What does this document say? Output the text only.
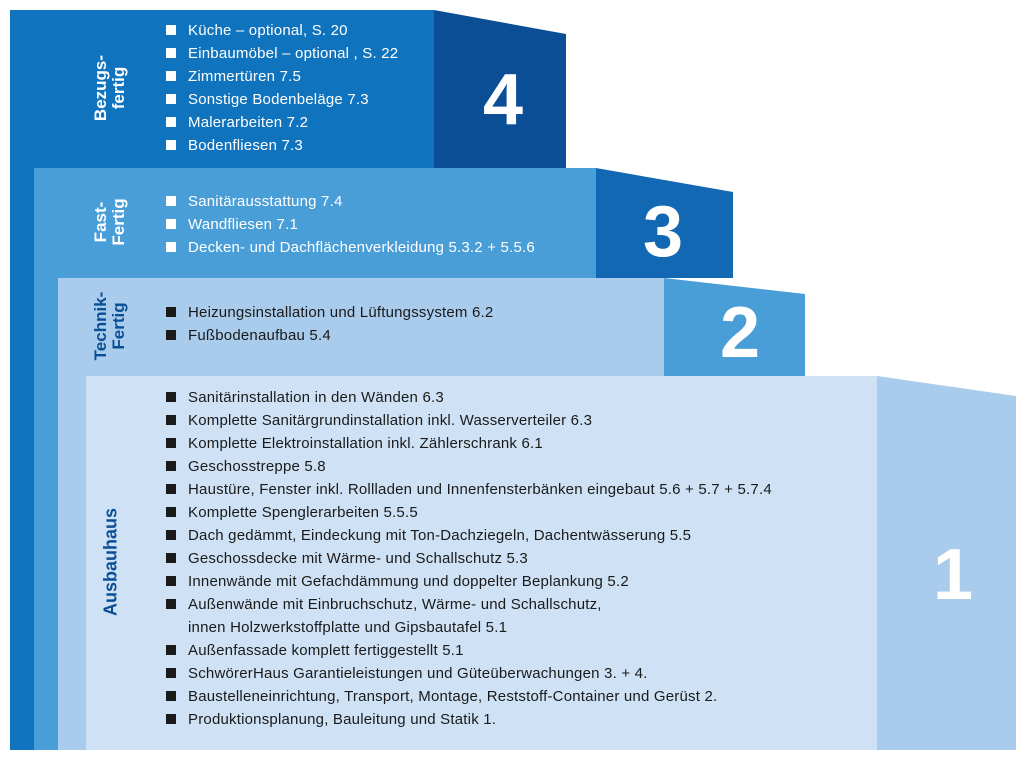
Bezugs-
fertig
Küche – optional, S. 20
Einbaumöbel – optional , S. 22
Zimmertüren 7.5
Sonstige Bodenbeläge 7.3
Malerarbeiten 7.2
Bodenfliesen 7.3
4
Fast-
Fertig	Sanitärausstattung 7.4
Wandfliesen 7.1
Decken- und Dachflächenverkleidung 5.3.2 + 5.5.6 3
Technik-
Fertig	Heizungsinstallation und Lüftungssystem 6.2
Fußbodenaufbau 5.4	2
Ausbauhaus
Sanitärinstallation in den Wänden 6.3
Komplette Sanitärgrundinstallation inkl. Wasserverteiler 6.3
Komplette Elektroinstallation inkl. Zählerschrank 6.1
Geschosstreppe 5.8
Haustüre, Fenster inkl. Rollladen und Innenfensterbänken eingebaut 5.6 + 5.7 + 5.7.4
Komplette Spenglerarbeiten 5.5.5
Dach gedämmt, Eindeckung mit Ton-Dachziegeln, Dachentwässerung 5.5
Geschossdecke mit Wärme- und Schallschutz 5.3
Innenwände mit Gefachdämmung und doppelter Beplankung 5.2
Außenwände mit Einbruchschutz, Wärme- und Schallschutz,
innen Holzwerkstoffplatte und Gipsbautafel 5.1
Außenfassade komplett fertiggestellt 5.1
SchwörerHaus Garantieleistungen und Güteüberwachungen 3. + 4.
Baustelleneinrichtung, Transport, Montage, Reststoff-Container und Gerüst 2.
Produktionsplanung, Bauleitung und Statik 1.
1
